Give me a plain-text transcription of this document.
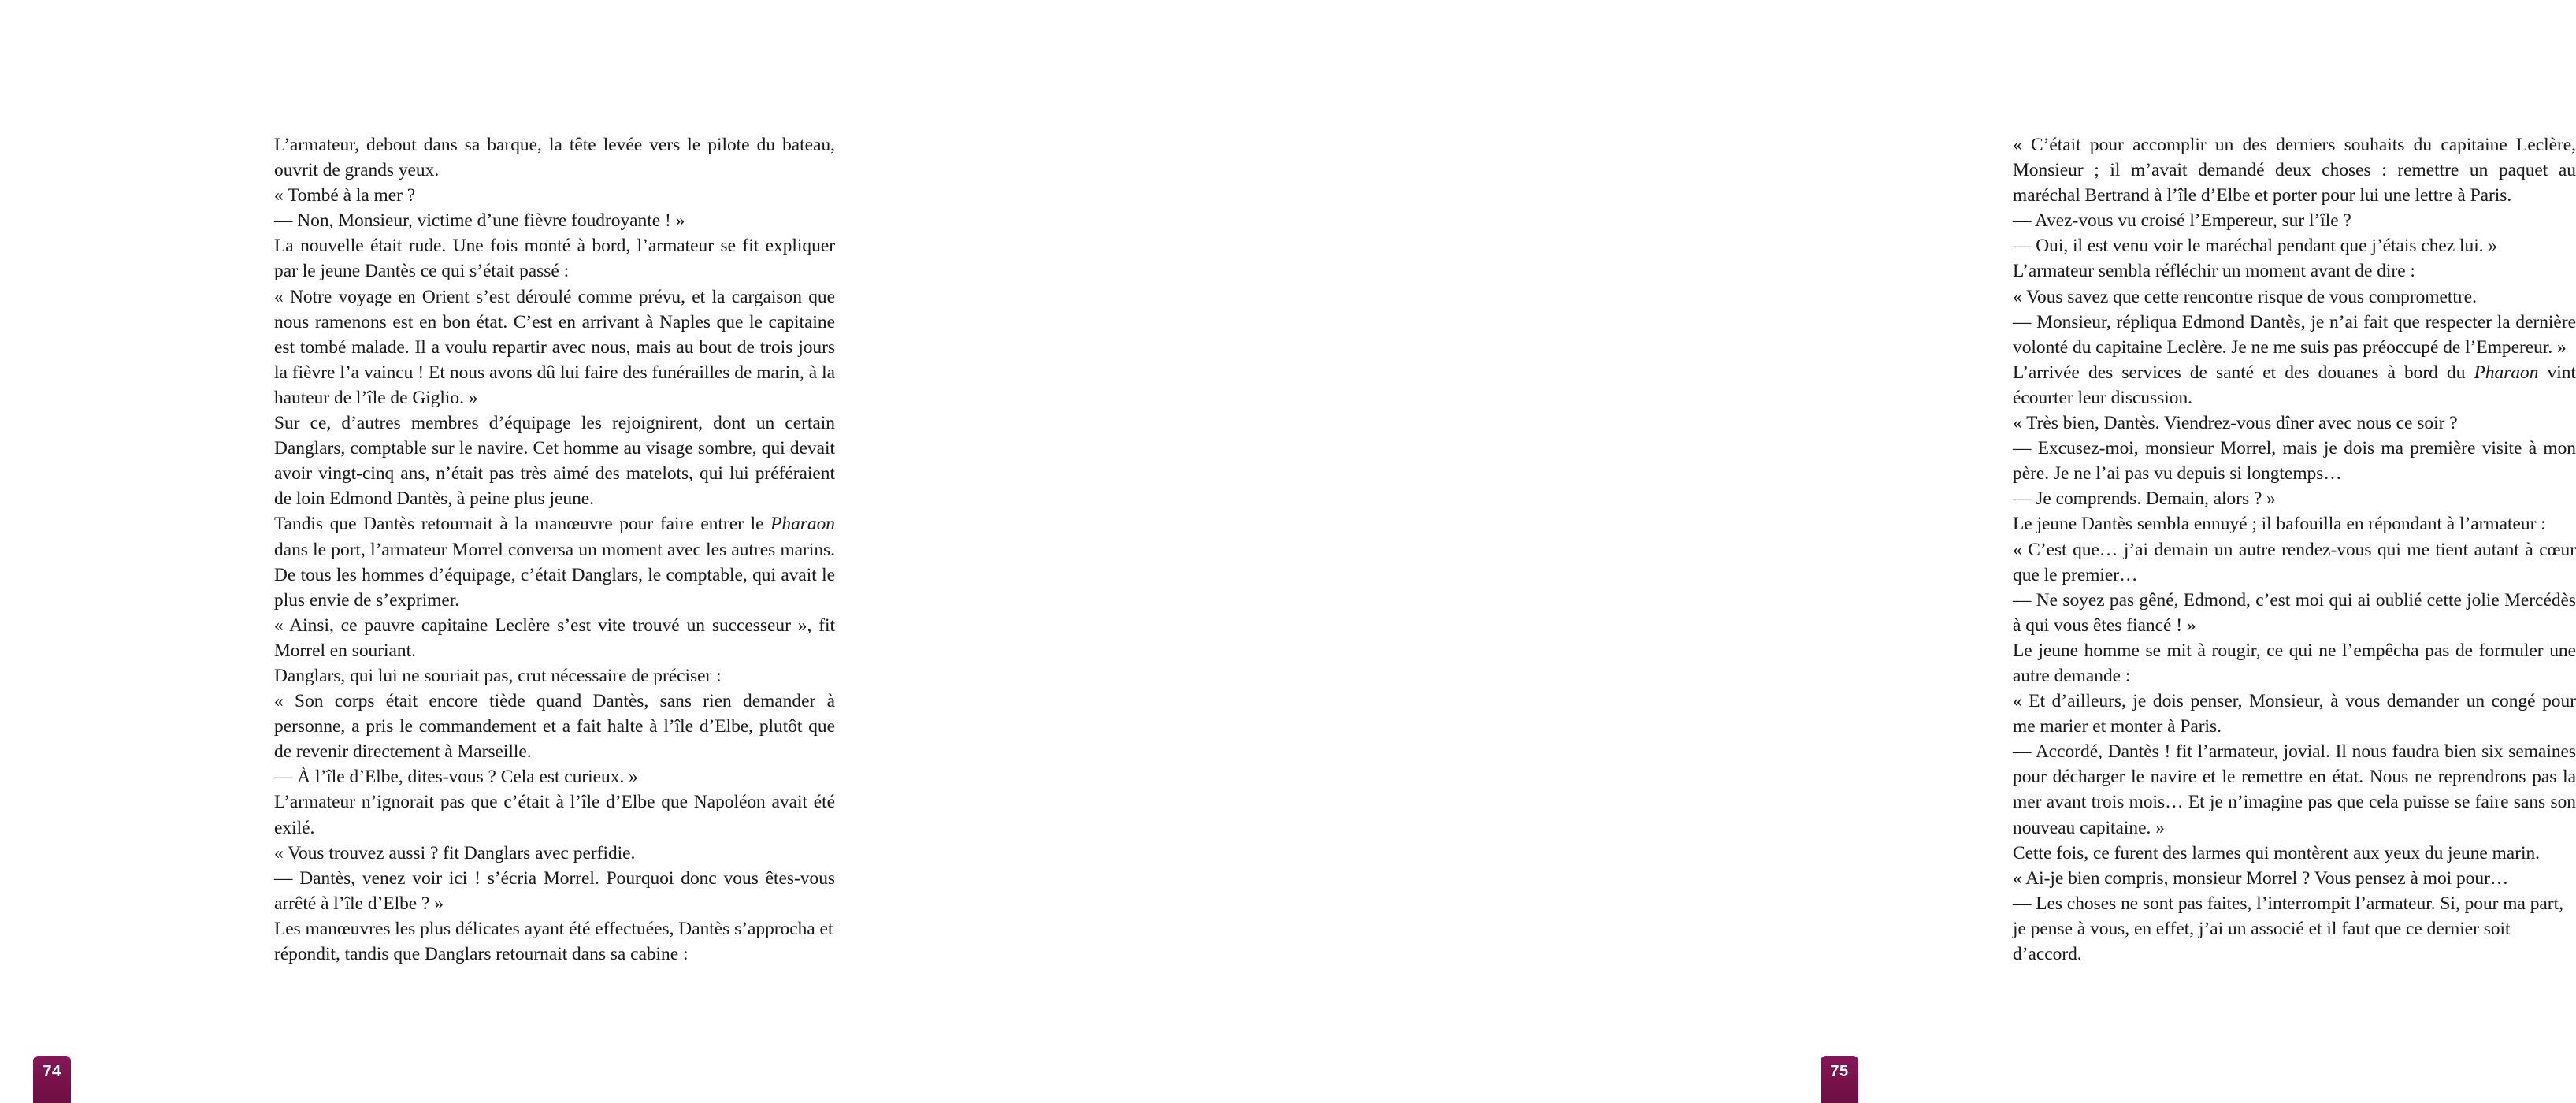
L’armateur, debout dans sa barque, la tête levée vers le pilote du bateau, ouvrit de grands yeux.

« Tombé à la mer ?

— Non, Monsieur, victime d’une fièvre foudroyante ! »

La nouvelle était rude. Une fois monté à bord, l’armateur se fit expliquer par le jeune Dantès ce qui s’était passé :

« Notre voyage en Orient s’est déroulé comme prévu, et la cargaison que nous ramenons est en bon état. C’est en arrivant à Naples que le capitaine est tombé malade. Il a voulu repartir avec nous, mais au bout de trois jours la fièvre l’a vaincu ! Et nous avons dû lui faire des funérailles de marin, à la hauteur de l’île de Giglio. »

Sur ce, d’autres membres d’équipage les rejoignirent, dont un certain Danglars, comptable sur le navire. Cet homme au visage sombre, qui devait avoir vingt-cinq ans, n’était pas très aimé des matelots, qui lui préféraient de loin Edmond Dantès, à peine plus jeune.

Tandis que Dantès retournait à la manœuvre pour faire entrer le Pharaon dans le port, l’armateur Morrel conversa un moment avec les autres marins. De tous les hommes d’équipage, c’était Danglars, le comptable, qui avait le plus envie de s’exprimer.

« Ainsi, ce pauvre capitaine Leclère s’est vite trouvé un successeur », fit Morrel en souriant.

Danglars, qui lui ne souriait pas, crut nécessaire de préciser :

« Son corps était encore tiède quand Dantès, sans rien demander à personne, a pris le commandement et a fait halte à l’île d’Elbe, plutôt que de revenir directement à Marseille.

— À l’île d’Elbe, dites-vous ? Cela est curieux. »

L’armateur n’ignorait pas que c’était à l’île d’Elbe que Napoléon avait été exilé.

« Vous trouvez aussi ? fit Danglars avec perfidie.

— Dantès, venez voir ici ! s’écria Morrel. Pourquoi donc vous êtes-vous arrêté à l’île d’Elbe ? »

Les manœuvres les plus délicates ayant été effectuées, Dantès s’approcha et répondit, tandis que Danglars retournait dans sa cabine :

74

« C’était pour accomplir un des derniers souhaits du capitaine Leclère, Monsieur ; il m’avait demandé deux choses : remettre un paquet au maréchal Bertrand à l’île d’Elbe et porter pour lui une lettre à Paris.

— Avez-vous vu croisé l’Empereur, sur l’île ?

— Oui, il est venu voir le maréchal pendant que j’étais chez lui. »

L’armateur sembla réfléchir un moment avant de dire :

« Vous savez que cette rencontre risque de vous compromettre.

— Monsieur, répliqua Edmond Dantès, je n’ai fait que respecter la dernière volonté du capitaine Leclère. Je ne me suis pas préoccupé de l’Empereur. »

L’arrivée des services de santé et des douanes à bord du Pharaon vint écourter leur discussion.

« Très bien, Dantès. Viendrez-vous dîner avec nous ce soir ?

— Excusez-moi, monsieur Morrel, mais je dois ma première visite à mon père. Je ne l’ai pas vu depuis si longtemps…

— Je comprends. Demain, alors ? »

Le jeune Dantès sembla ennuyé ; il bafouilla en répondant à l’armateur :

« C’est que… j’ai demain un autre rendez-vous qui me tient autant à cœur que le premier…

— Ne soyez pas gêné, Edmond, c’est moi qui ai oublié cette jolie Mercédès à qui vous êtes fiancé ! »

Le jeune homme se mit à rougir, ce qui ne l’empêcha pas de formuler une autre demande :

« Et d’ailleurs, je dois penser, Monsieur, à vous demander un congé pour me marier et monter à Paris.

— Accordé, Dantès ! fit l’armateur, jovial. Il nous faudra bien six semaines pour décharger le navire et le remettre en état. Nous ne reprendrons pas la mer avant trois mois… Et je n’imagine pas que cela puisse se faire sans son nouveau capitaine. »

Cette fois, ce furent des larmes qui montèrent aux yeux du jeune marin.

« Ai-je bien compris, monsieur Morrel ? Vous pensez à moi pour…

— Les choses ne sont pas faites, l’interrompit l’armateur. Si, pour ma part, je pense à vous, en effet, j’ai un associé et il faut que ce dernier soit d’accord.

75
